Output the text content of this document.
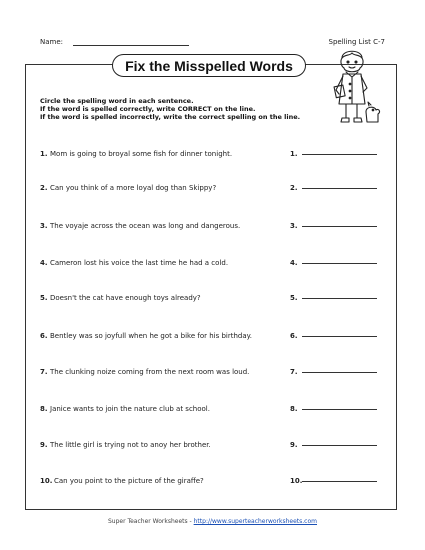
Name:	Spelling List C-7
Fix the Misspelled Words
Circle the spelling word in each sentence.
If the word is spelled correctly, write CORRECT on the line.
If the word is spelled incorrectly, write the correct spelling on the line.
1. Mom is going to broyal some fish for dinner tonight.	1.
2. Can you think of a more loyal dog than Skippy?	2.
3. The voyaje across the ocean was long and dangerous.	3.
4. Cameron lost his voice the last time he had a cold.	4.
5. Doesn't the cat have enough toys already?	5.
6. Bentley was so joyfull when he got a bike for his birthday.	6.
7. The clunking noize coming from the next room was loud.	7.
8. Janice wants to join the nature club at school.	8.
9. The little girl is trying not to anoy her brother.	9.
10. Can you point to the picture of the giraffe?	10.
Super Teacher Worksheets - http://www.superteacherworksheets.com
